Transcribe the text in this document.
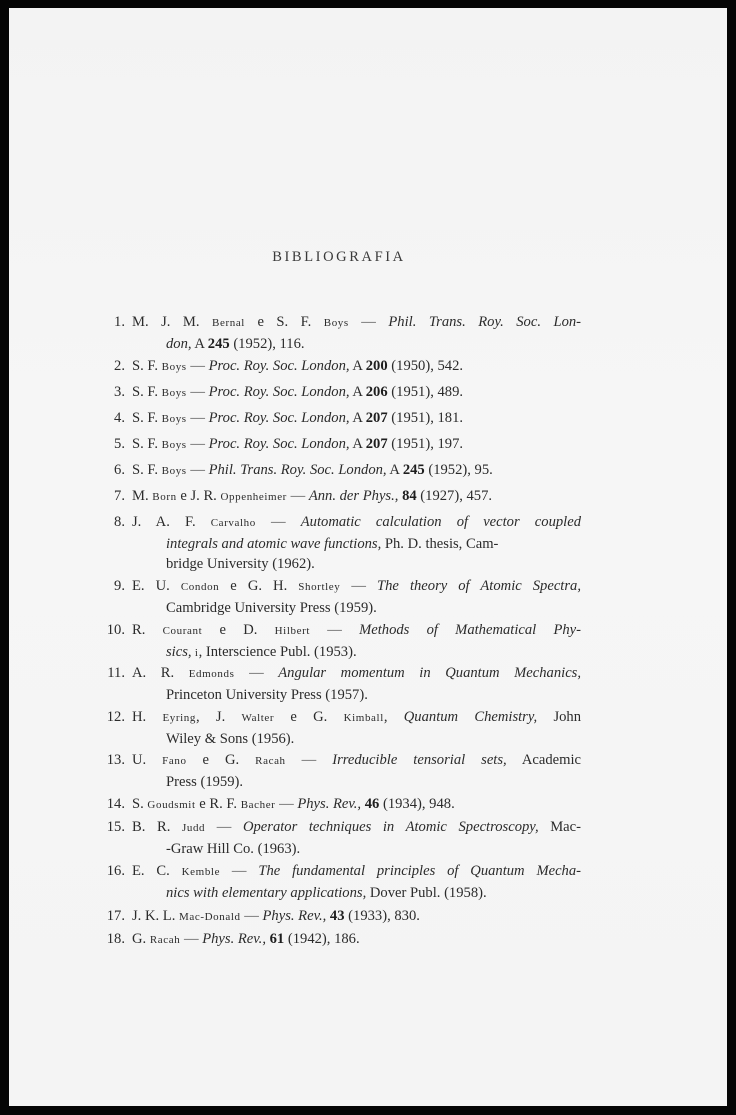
BIBLIOGRAFIA
1. M. J. M. Bernal e S. F. Boys — Phil. Trans. Roy. Soc. Lon-
don, A 245 (1952), 116.
2. S. F. Boys — Proc. Roy. Soc. London, A 200 (1950), 542.
3. S. F. Boys — Proc. Roy. Soc. London, A 206 (1951), 489.
4. S. F. Boys — Proc. Roy. Soc. London, A 207 (1951), 181.
5. S. F. Boys — Proc. Roy. Soc. London, A 207 (1951), 197.
6. S. F. Boys — Phil. Trans. Roy. Soc. London, A 245 (1952), 95.
7. M. Born e J. R. Oppenheimer — Ann. der Phys., 84 (1927), 457.
8. J. A. F. Carvalho — Automatic calculation of vector coupled
integrals and atomic wave functions, Ph. D. thesis, Cam-
bridge University (1962).
9. E. U. Condon e G. H. Shortley — The theory of Atomic Spectra,
Cambridge University Press (1959).
10. R. Courant e D. Hilbert — Methods of Mathematical Phy-
sics, i, Interscience Publ. (1953).
11. A. R. Edmonds — Angular momentum in Quantum Mechanics,
Princeton University Press (1957).
12. H. Eyring, J. Walter e G. Kimball, Quantum Chemistry, John
Wiley & Sons (1956).
13. U. Fano e G. Racah — Irreducible tensorial sets, Academic
Press (1959).
14. S. Goudsmit e R. F. Bacher — Phys. Rev., 46 (1934), 948.
15. B. R. Judd — Operator techniques in Atomic Spectroscopy, Mac-
-Graw Hill Co. (1963).
16. E. C. Kemble — The fundamental principles of Quantum Mecha-
nics with elementary applications, Dover Publ. (1958).
17. J. K. L. Mac-Donald — Phys. Rev., 43 (1933), 830.
18. G. Racah — Phys. Rev., 61 (1942), 186.
